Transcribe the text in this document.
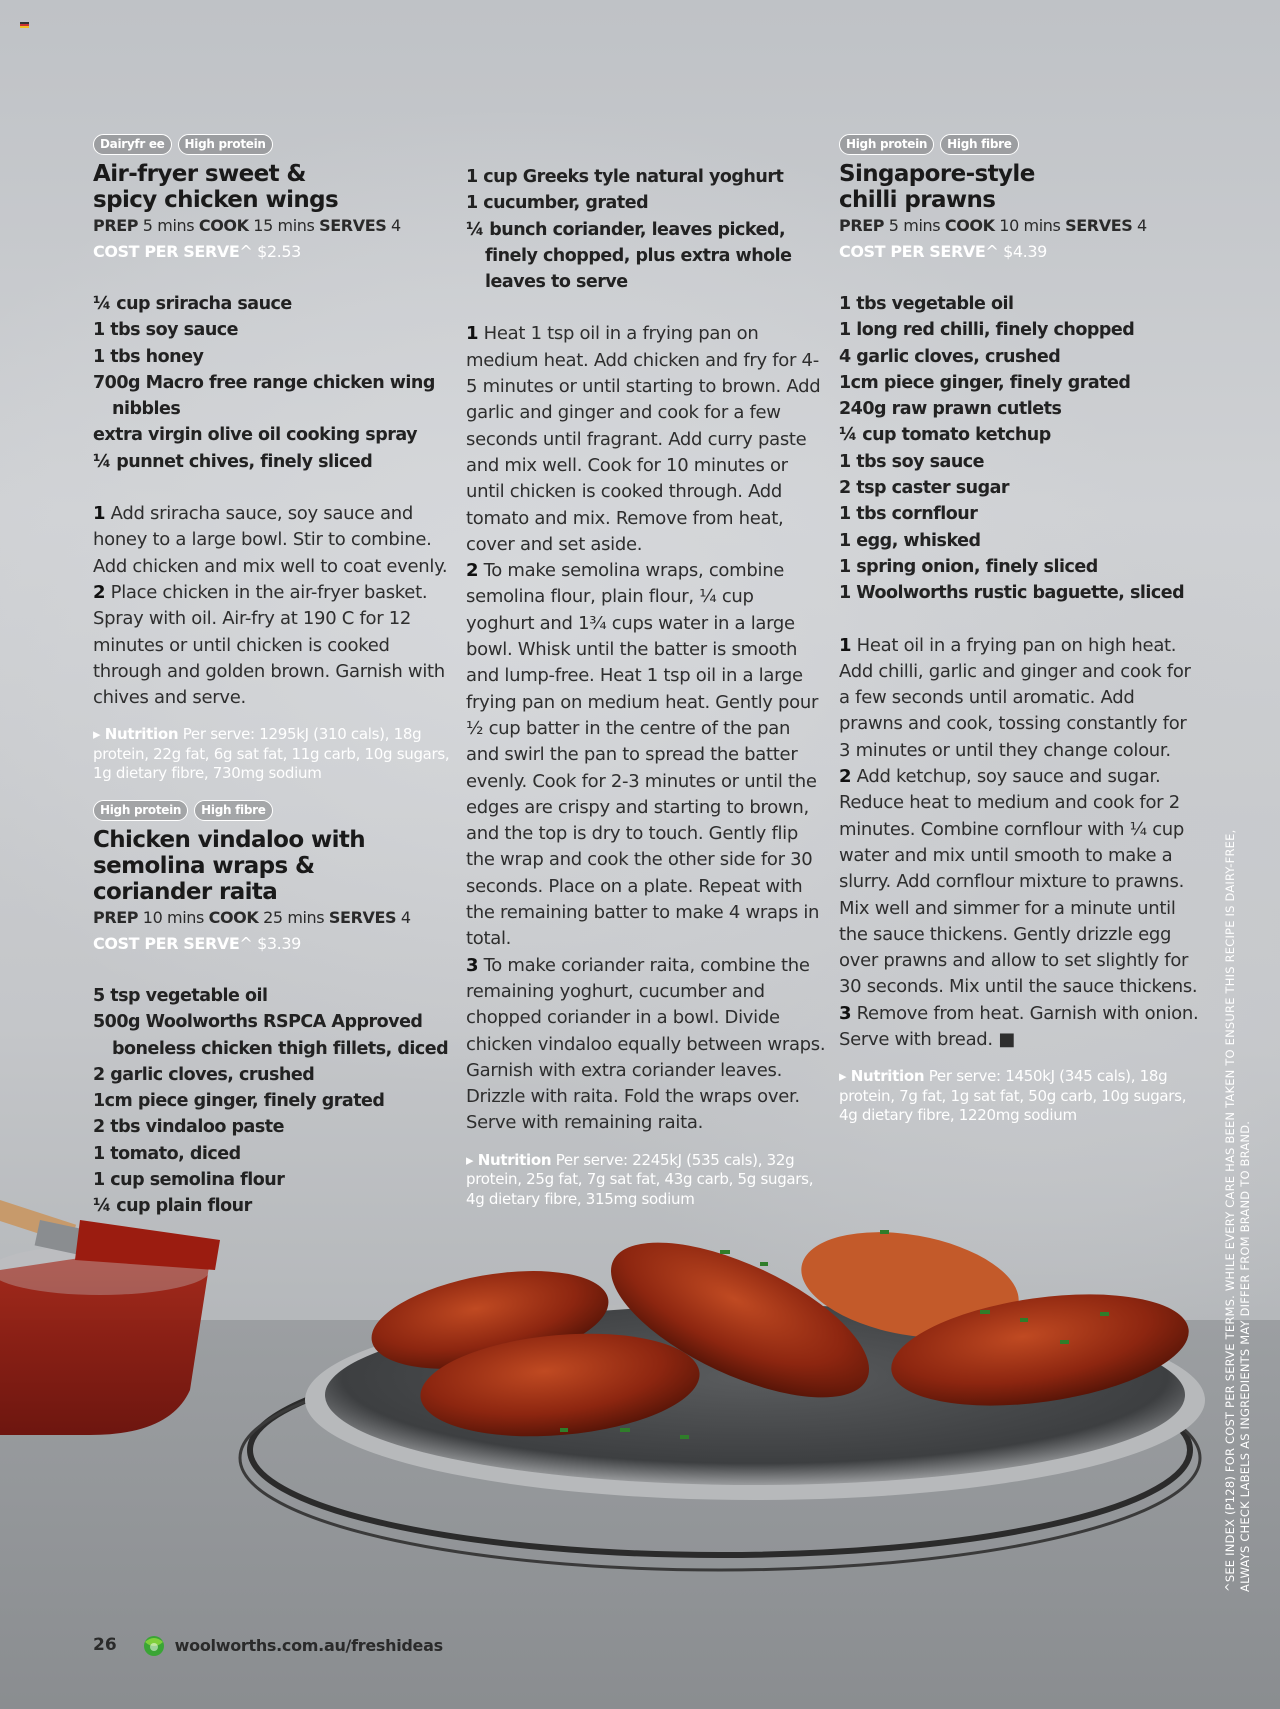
Dairyfr ee	High protein
Air-fryer sweet &
spicy chicken wings
PREP 5 mins COOK 15 mins SERVES 4
COST PER SERVE^ $2.53
¼ cup sriracha sauce
1 tbs soy sauce
1 tbs honey
700g Macro free range chicken wing nibbles
extra virgin olive oil cooking spray
¼ punnet chives, finely sliced

1 Add sriracha sauce, soy sauce and honey to a large bowl. Stir to combine. Add chicken and mix well to coat evenly.

2 Place chicken in the air-fryer basket. Spray with oil. Air-fry at 190 C for 12 minutes or until chicken is cooked through and golden brown. Garnish with chives and serve.

▸ Nutrition Per serve: 1295kJ (310 cals), 18g protein, 22g fat, 6g sat fat, 11g carb, 10g sugars, 1g dietary fibre, 730mg sodium
High protein	High fibre
Chicken vindaloo with
semolina wraps &
coriander raita
PREP 10 mins COOK 25 mins SERVES 4
COST PER SERVE^ $3.39
5 tsp vegetable oil
500g Woolworths RSPCA Approved boneless chicken thigh fillets, diced
2 garlic cloves, crushed
1cm piece ginger, finely grated
2 tbs vindaloo paste
1 tomato, diced
1 cup semolina flour
¼ cup plain flour
1 cup Greeks tyle natural yoghurt
1 cucumber, grated
¼ bunch coriander, leaves picked, finely chopped, plus extra whole leaves to serve

1 Heat 1 tsp oil in a frying pan on medium heat. Add chicken and fry for 4-5 minutes or until starting to brown. Add garlic and ginger and cook for a few seconds until fragrant. Add curry paste and mix well. Cook for 10 minutes or until chicken is cooked through. Add tomato and mix. Remove from heat, cover and set aside.

2 To make semolina wraps, combine semolina flour, plain flour, ¼ cup yoghurt and 1¾ cups water in a large bowl. Whisk until the batter is smooth and lump-free. Heat 1 tsp oil in a large frying pan on medium heat. Gently pour ½ cup batter in the centre of the pan and swirl the pan to spread the batter evenly. Cook for 2-3 minutes or until the edges are crispy and starting to brown, and the top is dry to touch. Gently flip the wrap and cook the other side for 30 seconds. Place on a plate. Repeat with the remaining batter to make 4 wraps in total.

3 To make coriander raita, combine the remaining yoghurt, cucumber and chopped coriander in a bowl. Divide chicken vindaloo equally between wraps. Garnish with extra coriander leaves. Drizzle with raita. Fold the wraps over. Serve with remaining raita.

▸ Nutrition Per serve: 2245kJ (535 cals), 32g protein, 25g fat, 7g sat fat, 43g carb, 5g sugars, 4g dietary fibre, 315mg sodium
High protein	High fibre
Singapore-style
chilli prawns
PREP 5 mins COOK 10 mins SERVES 4
COST PER SERVE^ $4.39
1 tbs vegetable oil
1 long red chilli, finely chopped
4 garlic cloves, crushed
1cm piece ginger, finely grated
240g raw prawn cutlets
¼ cup tomato ketchup
1 tbs soy sauce
2 tsp caster sugar
1 tbs cornflour
1 egg, whisked
1 spring onion, finely sliced
1 Woolworths rustic baguette, sliced

1 Heat oil in a frying pan on high heat. Add chilli, garlic and ginger and cook for a few seconds until aromatic. Add prawns and cook, tossing constantly for 3 minutes or until they change colour.

2 Add ketchup, soy sauce and sugar. Reduce heat to medium and cook for 2 minutes. Combine cornflour with ¼ cup water and mix until smooth to make a slurry. Add cornflour mixture to prawns. Mix well and simmer for a minute until the sauce thickens. Gently drizzle egg over prawns and allow to set slightly for 30 seconds. Mix until the sauce thickens.

3 Remove from heat. Garnish with onion. Serve with bread. ■

▸ Nutrition Per serve: 1450kJ (345 cals), 18g protein, 7g fat, 1g sat fat, 50g carb, 10g sugars, 4g dietary fibre, 1220mg sodium	^SEE INDEX (P128) FOR COST PER SERVE TERMS. WHILE EVERY CARE HAS BEEN TAKEN TO ENSURE THIS RECIPE IS DAIRY-FREE, ALWAYS CHECK LABELS AS INGREDIENTS MAY DIFFER FROM BRAND TO BRAND.
26	woolworths.com.au/freshideas
